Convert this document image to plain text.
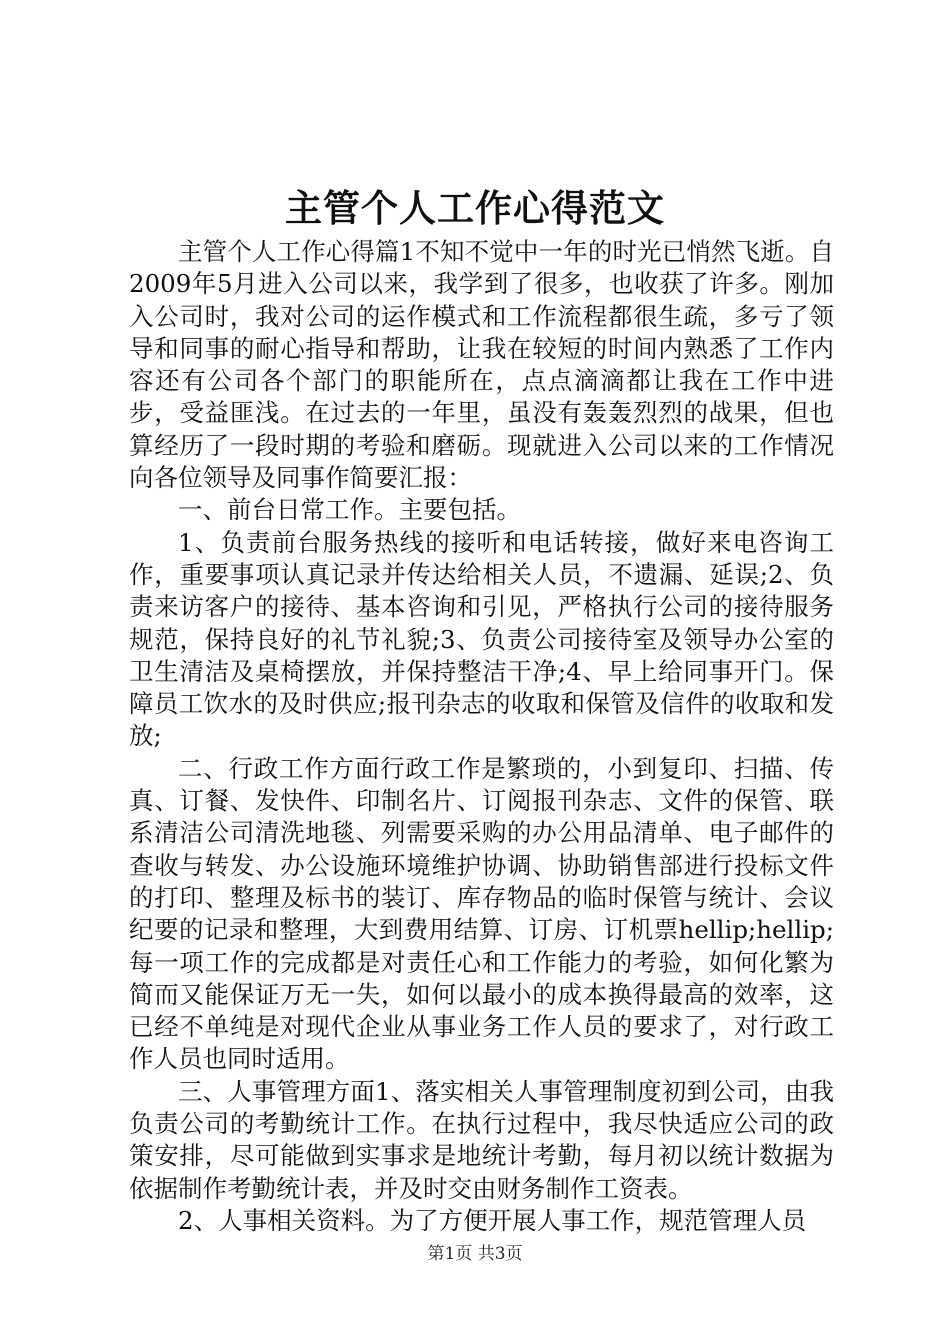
主管个人工作心得范文

主管个人工作心得篇1不知不觉中一年的时光已悄然飞逝。自2009年5月进入公司以来，我学到了很多，也收获了许多。刚加入公司时，我对公司的运作模式和工作流程都很生疏，多亏了领导和同事的耐心指导和帮助，让我在较短的时间内熟悉了工作内容还有公司各个部门的职能所在，点点滴滴都让我在工作中进步，受益匪浅。在过去的一年里，虽没有轰轰烈烈的战果，但也算经历了一段时期的考验和磨砺。现就进入公司以来的工作情况向各位领导及同事作简要汇报：

一、前台日常工作。主要包括。

1、负责前台服务热线的接听和电话转接，做好来电咨询工作，重要事项认真记录并传达给相关人员，不遗漏、延误;2、负责来访客户的接待、基本咨询和引见，严格执行公司的接待服务规范，保持良好的礼节礼貌;3、负责公司接待室及领导办公室的卫生清洁及桌椅摆放，并保持整洁干净;4、早上给同事开门。保障员工饮水的及时供应;报刊杂志的收取和保管及信件的收取和发放;

二、行政工作方面行政工作是繁琐的，小到复印、扫描、传真、订餐、发快件、印制名片、订阅报刊杂志、文件的保管、联系清洁公司清洗地毯、列需要采购的办公用品清单、电子邮件的查收与转发、办公设施环境维护协调、协助销售部进行投标文件的打印、整理及标书的装订、库存物品的临时保管与统计、会议纪要的记录和整理，大到费用结算、订房、订机票hellip;hellip;每一项工作的完成都是对责任心和工作能力的考验，如何化繁为简而又能保证万无一失，如何以最小的成本换得最高的效率，这已经不单纯是对现代企业从事业务工作人员的要求了，对行政工作人员也同时适用。

三、人事管理方面1、落实相关人事管理制度初到公司，由我负责公司的考勤统计工作。在执行过程中，我尽快适应公司的政策安排，尽可能做到实事求是地统计考勤，每月初以统计数据为依据制作考勤统计表，并及时交由财务制作工资表。

2、人事相关资料。为了方便开展人事工作，规范管理人员

第1页 共3页
